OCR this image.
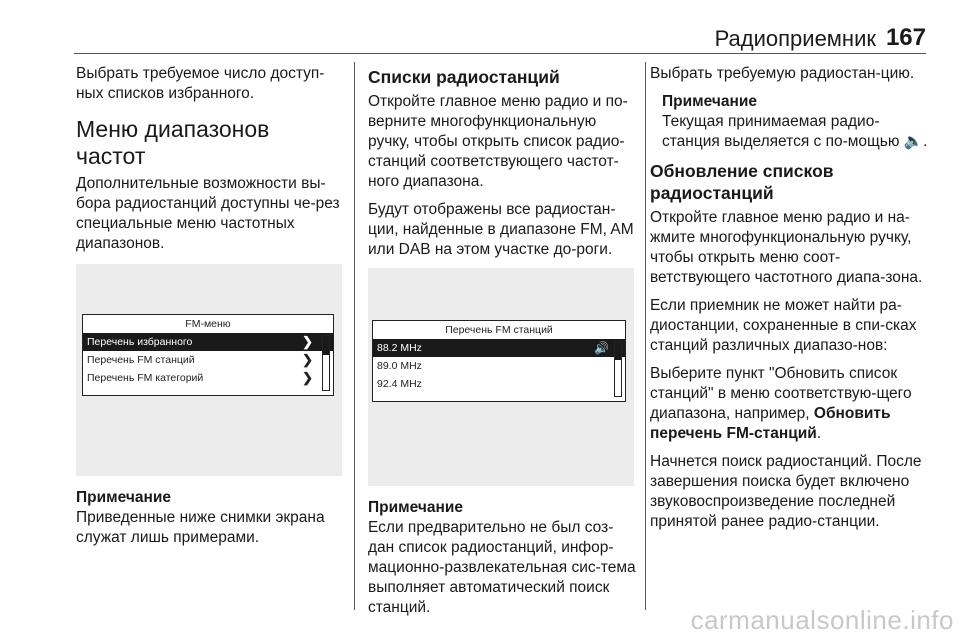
Радиоприемник 167

Выбрать требуемое число доступ-ных списков избранного.

Меню диапазонов частот

Дополнительные возможности вы-бора радиостанций доступны че-рез специальные меню частотных диапазонов.

FM-меню
Перечень избранного	❯
Перечень FM станций	❯
Перечень FM категорий	❯
Примечание
Приведенные ниже снимки экрана служат лишь примерами.
Списки радиостанций

Откройте главное меню радио и по-верните многофункциональную ручку, чтобы открыть список радио-станций соответствующего частот-ного диапазона.

Будут отображены все радиостан-ции, найденные в диапазоне FM, AM или DAB на этом участке до-роги.

Перечень FM станций
88.2 MHz	🔊
89.0 MHz
92.4 MHz
Примечание
Если предварительно не был соз-дан список радиостанций, инфор-мационно-развлекательная сис-тема выполняет автоматический поиск станций.

Выбрать требуемую радиостан-цию.

Примечание
Текущая принимаемая радио-станция выделяется с по-мощью 🔈.
Обновление списков радиостанций

Откройте главное меню радио и на-жмите многофункциональную ручку, чтобы открыть меню соот-ветствующего частотного диапа-зона.

Если приемник не может найти ра-диостанции, сохраненные в спи-сках станций различных диапазо-нов:

Выберите пункт "Обновить список станций" в меню соответствую-щего диапазона, например, Обновить перечень FM-станций.

Начнется поиск радиостанций. После завершения поиска будет включено звуковоспроизведение последней принятой ранее радио-станции.

carmanualsonline.info
